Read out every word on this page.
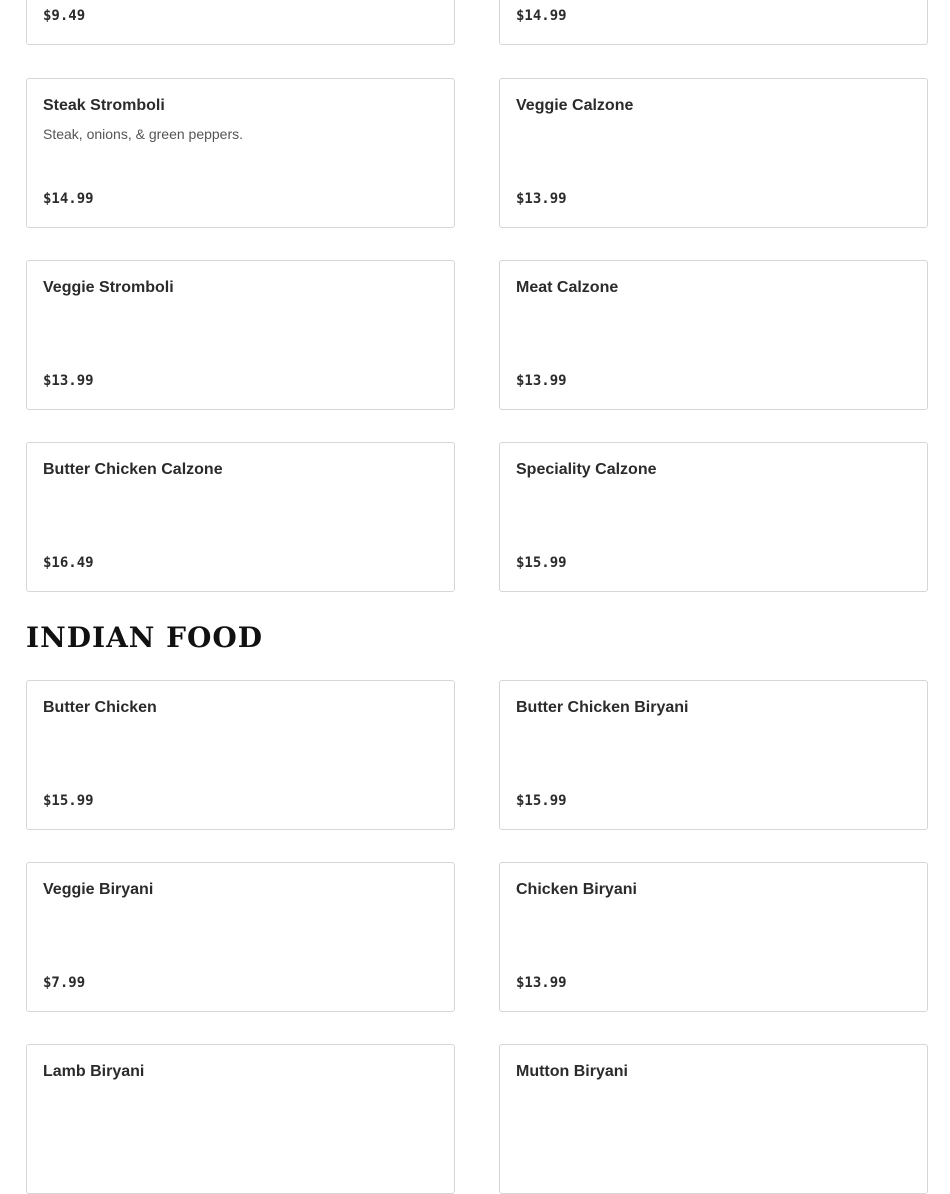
$9.49	$14.99
Steak Stromboli
Steak, onions, & green peppers.
$14.99
Veggie Calzone
$13.99
Veggie Stromboli
$13.99
Meat Calzone
$13.99
Butter Chicken Calzone
$16.49
Speciality Calzone
$15.99
INDIAN FOOD
Butter Chicken
$15.99
Butter Chicken Biryani
$15.99
Veggie Biryani
$7.99
Chicken Biryani
$13.99
Lamb Biryani	Mutton Biryani
